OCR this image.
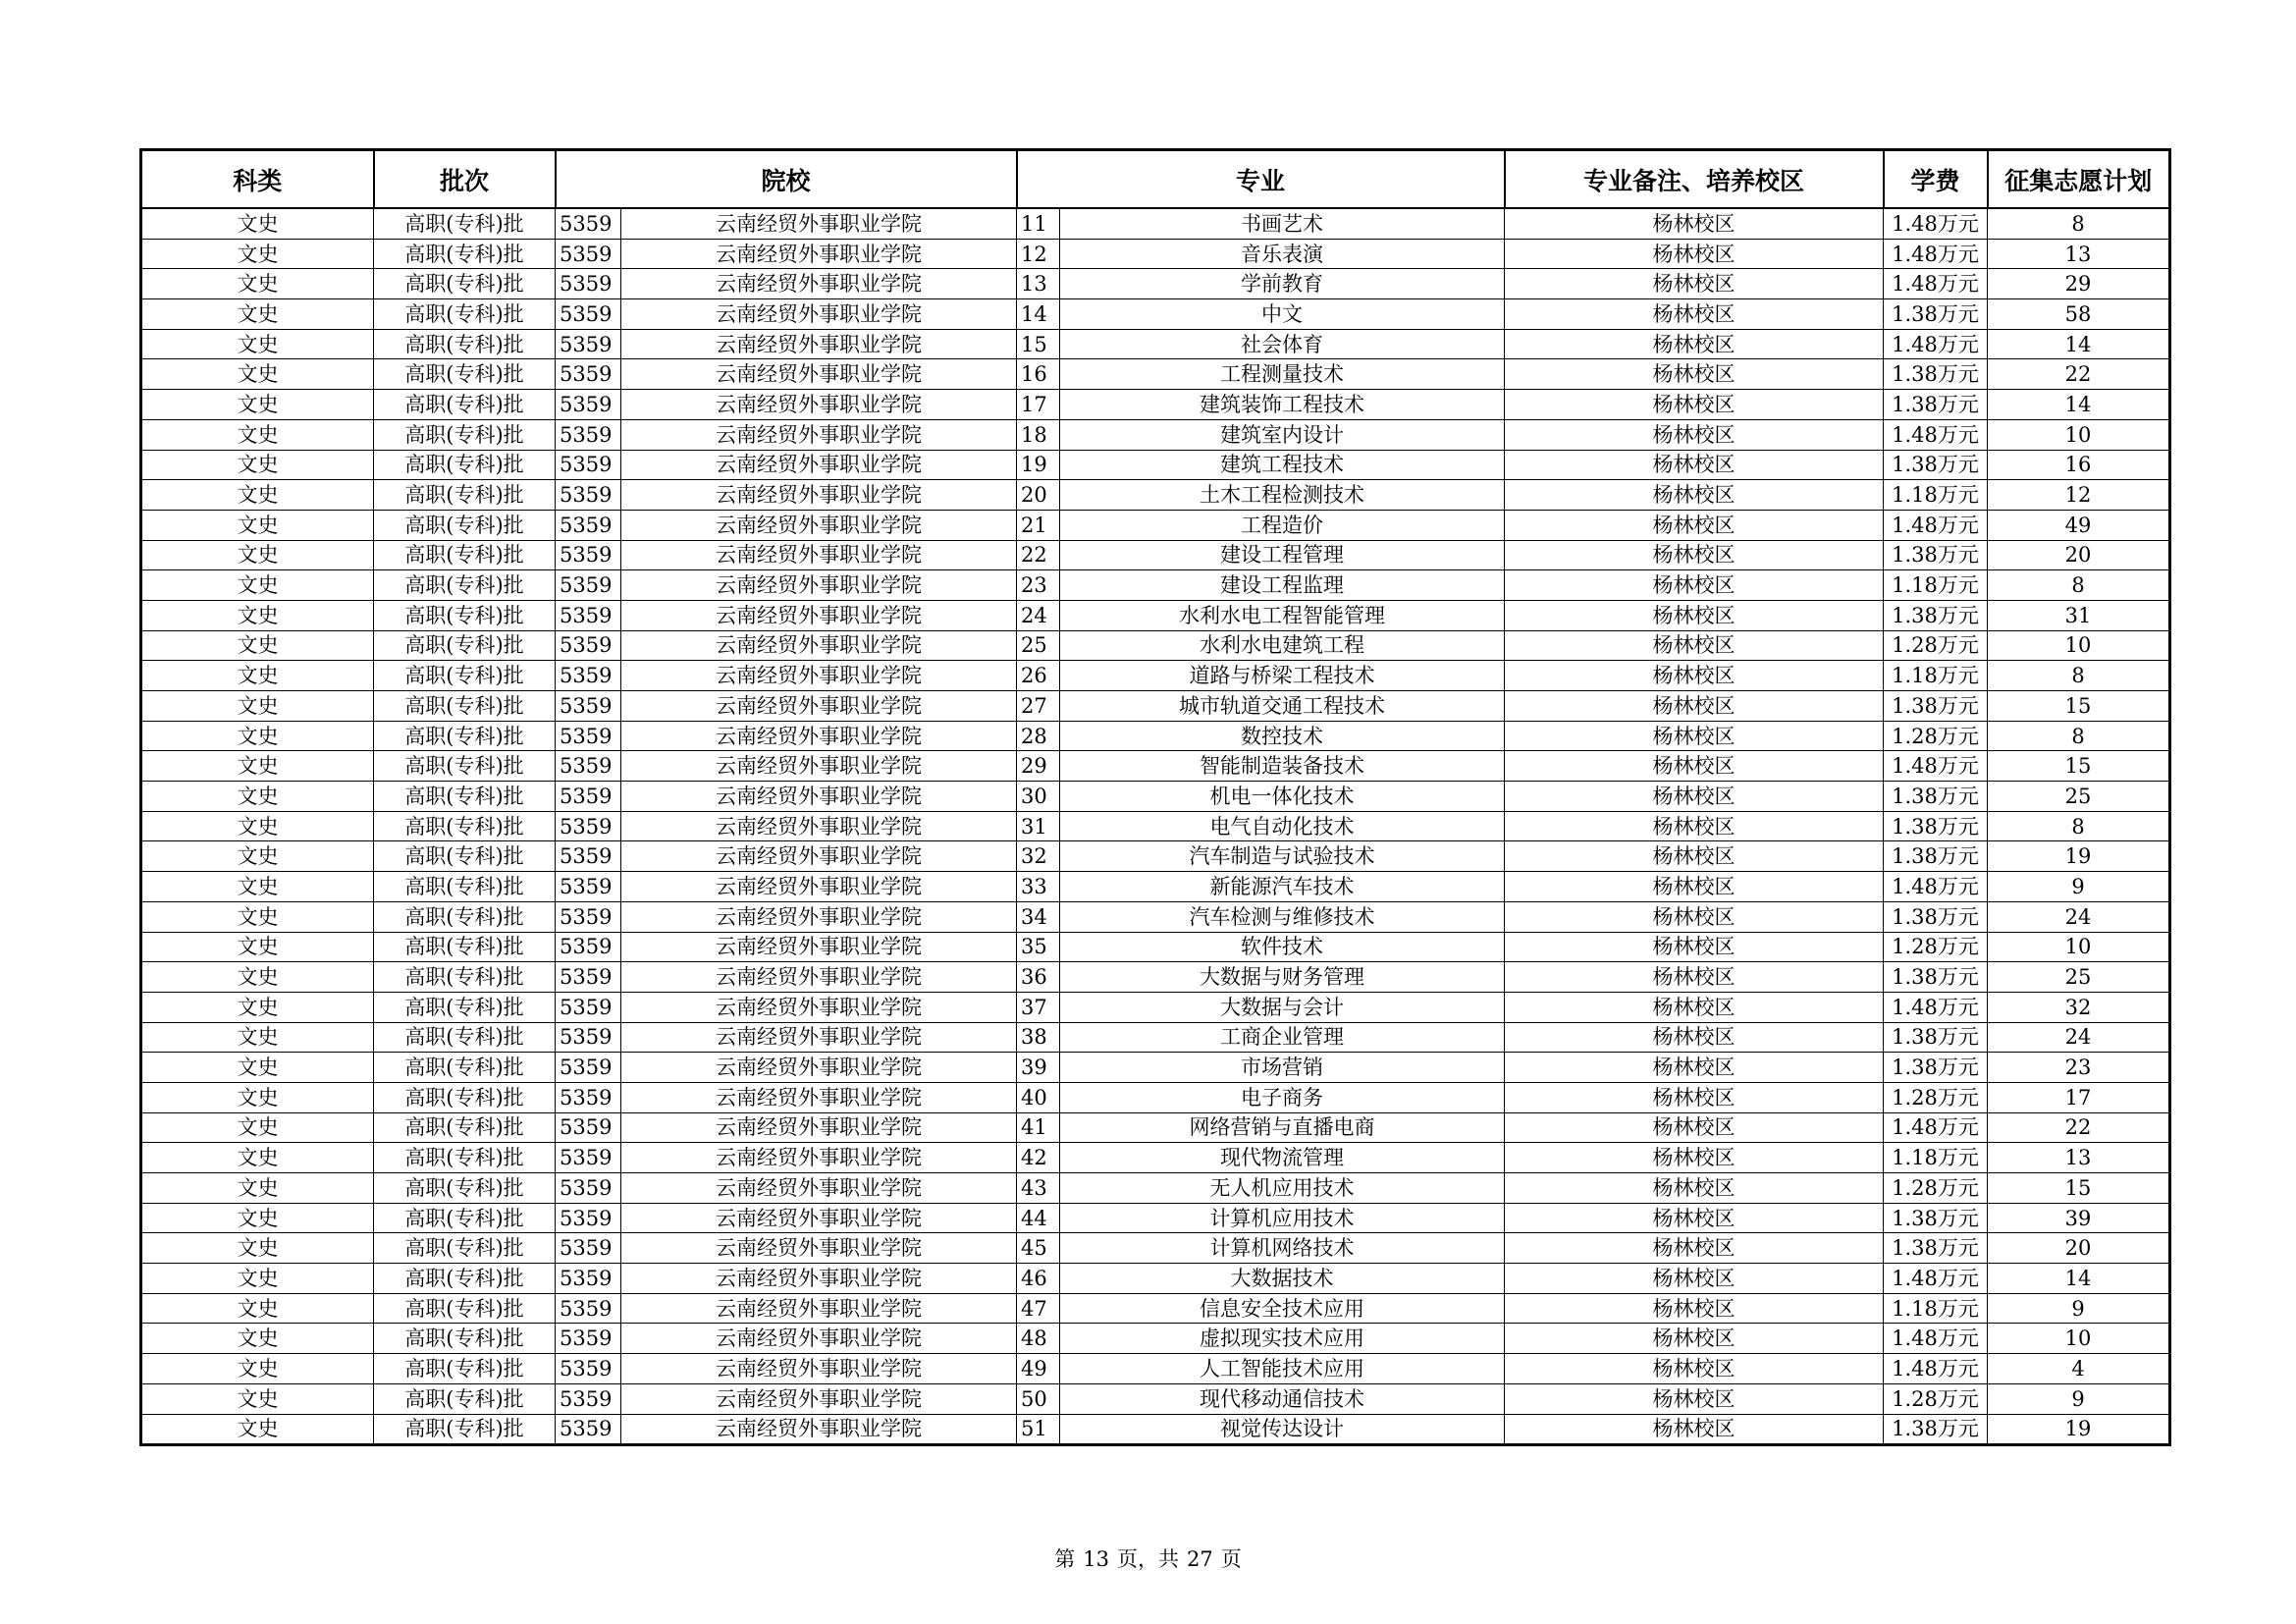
科类	批次	院校		专业		专业备注、培养校区	学费	征集志愿计划
文史	高职(专科)批	5359	云南经贸外事职业学院	11	书画艺术	杨林校区	1.48万元	8
文史	高职(专科)批	5359	云南经贸外事职业学院	12	音乐表演	杨林校区	1.48万元	13
文史	高职(专科)批	5359	云南经贸外事职业学院	13	学前教育	杨林校区	1.48万元	29
文史	高职(专科)批	5359	云南经贸外事职业学院	14	中文	杨林校区	1.38万元	58
文史	高职(专科)批	5359	云南经贸外事职业学院	15	社会体育	杨林校区	1.48万元	14
文史	高职(专科)批	5359	云南经贸外事职业学院	16	工程测量技术	杨林校区	1.38万元	22
文史	高职(专科)批	5359	云南经贸外事职业学院	17	建筑装饰工程技术	杨林校区	1.38万元	14
文史	高职(专科)批	5359	云南经贸外事职业学院	18	建筑室内设计	杨林校区	1.48万元	10
文史	高职(专科)批	5359	云南经贸外事职业学院	19	建筑工程技术	杨林校区	1.38万元	16
文史	高职(专科)批	5359	云南经贸外事职业学院	20	土木工程检测技术	杨林校区	1.18万元	12
文史	高职(专科)批	5359	云南经贸外事职业学院	21	工程造价	杨林校区	1.48万元	49
文史	高职(专科)批	5359	云南经贸外事职业学院	22	建设工程管理	杨林校区	1.38万元	20
文史	高职(专科)批	5359	云南经贸外事职业学院	23	建设工程监理	杨林校区	1.18万元	8
文史	高职(专科)批	5359	云南经贸外事职业学院	24	水利水电工程智能管理	杨林校区	1.38万元	31
文史	高职(专科)批	5359	云南经贸外事职业学院	25	水利水电建筑工程	杨林校区	1.28万元	10
文史	高职(专科)批	5359	云南经贸外事职业学院	26	道路与桥梁工程技术	杨林校区	1.18万元	8
文史	高职(专科)批	5359	云南经贸外事职业学院	27	城市轨道交通工程技术	杨林校区	1.38万元	15
文史	高职(专科)批	5359	云南经贸外事职业学院	28	数控技术	杨林校区	1.28万元	8
文史	高职(专科)批	5359	云南经贸外事职业学院	29	智能制造装备技术	杨林校区	1.48万元	15
文史	高职(专科)批	5359	云南经贸外事职业学院	30	机电一体化技术	杨林校区	1.38万元	25
文史	高职(专科)批	5359	云南经贸外事职业学院	31	电气自动化技术	杨林校区	1.38万元	8
文史	高职(专科)批	5359	云南经贸外事职业学院	32	汽车制造与试验技术	杨林校区	1.38万元	19
文史	高职(专科)批	5359	云南经贸外事职业学院	33	新能源汽车技术	杨林校区	1.48万元	9
文史	高职(专科)批	5359	云南经贸外事职业学院	34	汽车检测与维修技术	杨林校区	1.38万元	24
文史	高职(专科)批	5359	云南经贸外事职业学院	35	软件技术	杨林校区	1.28万元	10
文史	高职(专科)批	5359	云南经贸外事职业学院	36	大数据与财务管理	杨林校区	1.38万元	25
文史	高职(专科)批	5359	云南经贸外事职业学院	37	大数据与会计	杨林校区	1.48万元	32
文史	高职(专科)批	5359	云南经贸外事职业学院	38	工商企业管理	杨林校区	1.38万元	24
文史	高职(专科)批	5359	云南经贸外事职业学院	39	市场营销	杨林校区	1.38万元	23
文史	高职(专科)批	5359	云南经贸外事职业学院	40	电子商务	杨林校区	1.28万元	17
文史	高职(专科)批	5359	云南经贸外事职业学院	41	网络营销与直播电商	杨林校区	1.48万元	22
文史	高职(专科)批	5359	云南经贸外事职业学院	42	现代物流管理	杨林校区	1.18万元	13
文史	高职(专科)批	5359	云南经贸外事职业学院	43	无人机应用技术	杨林校区	1.28万元	15
文史	高职(专科)批	5359	云南经贸外事职业学院	44	计算机应用技术	杨林校区	1.38万元	39
文史	高职(专科)批	5359	云南经贸外事职业学院	45	计算机网络技术	杨林校区	1.38万元	20
文史	高职(专科)批	5359	云南经贸外事职业学院	46	大数据技术	杨林校区	1.48万元	14
文史	高职(专科)批	5359	云南经贸外事职业学院	47	信息安全技术应用	杨林校区	1.18万元	9
文史	高职(专科)批	5359	云南经贸外事职业学院	48	虚拟现实技术应用	杨林校区	1.48万元	10
文史	高职(专科)批	5359	云南经贸外事职业学院	49	人工智能技术应用	杨林校区	1.48万元	4
文史	高职(专科)批	5359	云南经贸外事职业学院	50	现代移动通信技术	杨林校区	1.28万元	9
文史	高职(专科)批	5359	云南经贸外事职业学院	51	视觉传达设计	杨林校区	1.38万元	19
第 13 页，共 27 页
